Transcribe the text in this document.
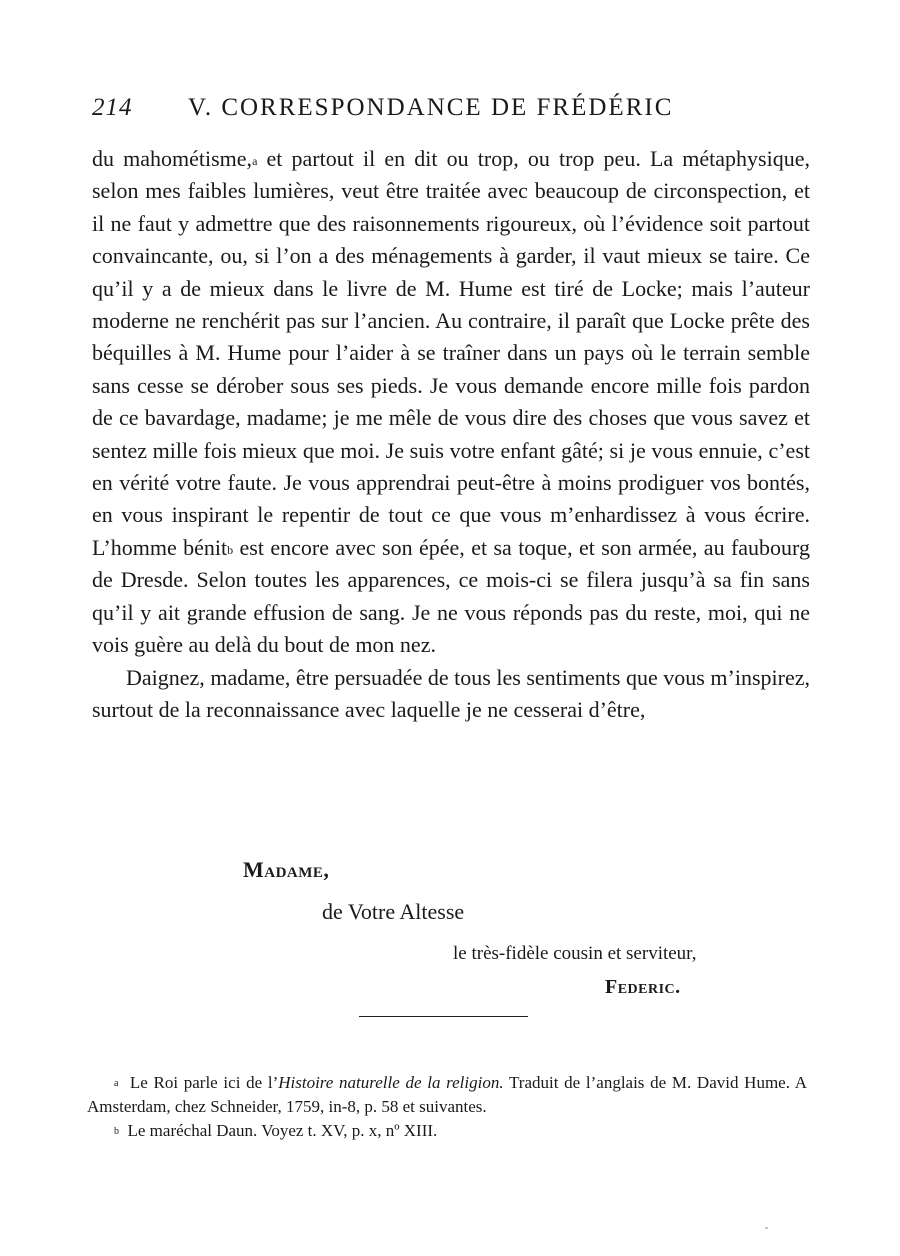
214 V. CORRESPONDANCE DE FRÉDÉRIC

du mahométisme,$^a$ et partout il en dit ou trop, ou trop peu. La métaphysique, selon mes faibles lumières, veut être traitée avec beaucoup de circonspection, et il ne faut y admettre que des raisonnements rigoureux, où l’évidence soit partout convaincante, ou, si l’on a des ménagements à garder, il vaut mieux se taire. Ce qu’il y a de mieux dans le livre de M. Hume est tiré de Locke; mais l’auteur moderne ne renchérit pas sur l’ancien. Au contraire, il paraît que Locke prête des béquilles à M. Hume pour l’aider à se traîner dans un pays où le terrain semble sans cesse se dérober sous ses pieds. Je vous demande encore mille fois pardon de ce bavardage, madame; je me mêle de vous dire des choses que vous savez et sentez mille fois mieux que moi. Je suis votre enfant gâté; si je vous ennuie, c’est en vérité votre faute. Je vous apprendrai peut-être à moins prodiguer vos bontés, en vous inspirant le repentir de tout ce que vous m’enhardissez à vous écrire. L’homme bénit$^b$ est encore avec son épée, et sa toque, et son armée, au faubourg de Dresde. Selon toutes les apparences, ce mois-ci se filera jusqu’à sa fin sans qu’il y ait grande effusion de sang. Je ne vous réponds pas du reste, moi, qui ne vois guère au delà du bout de mon nez.

Daignez, madame, être persuadée de tous les sentiments que vous m’inspirez, surtout de la reconnaissance avec laquelle je ne cesserai d’être,

Madame,
de Votre Altesse
le très-fidèle cousin et serviteur,
Federic.

$^a$ Le Roi parle ici de l’Histoire naturelle de la religion. Traduit de l’anglais de M. David Hume. A Amsterdam, chez Schneider, 1759, in-8, p. 58 et suivantes.

$^b$ Le maréchal Daun. Voyez t. XV, p. x, nº XIII.
